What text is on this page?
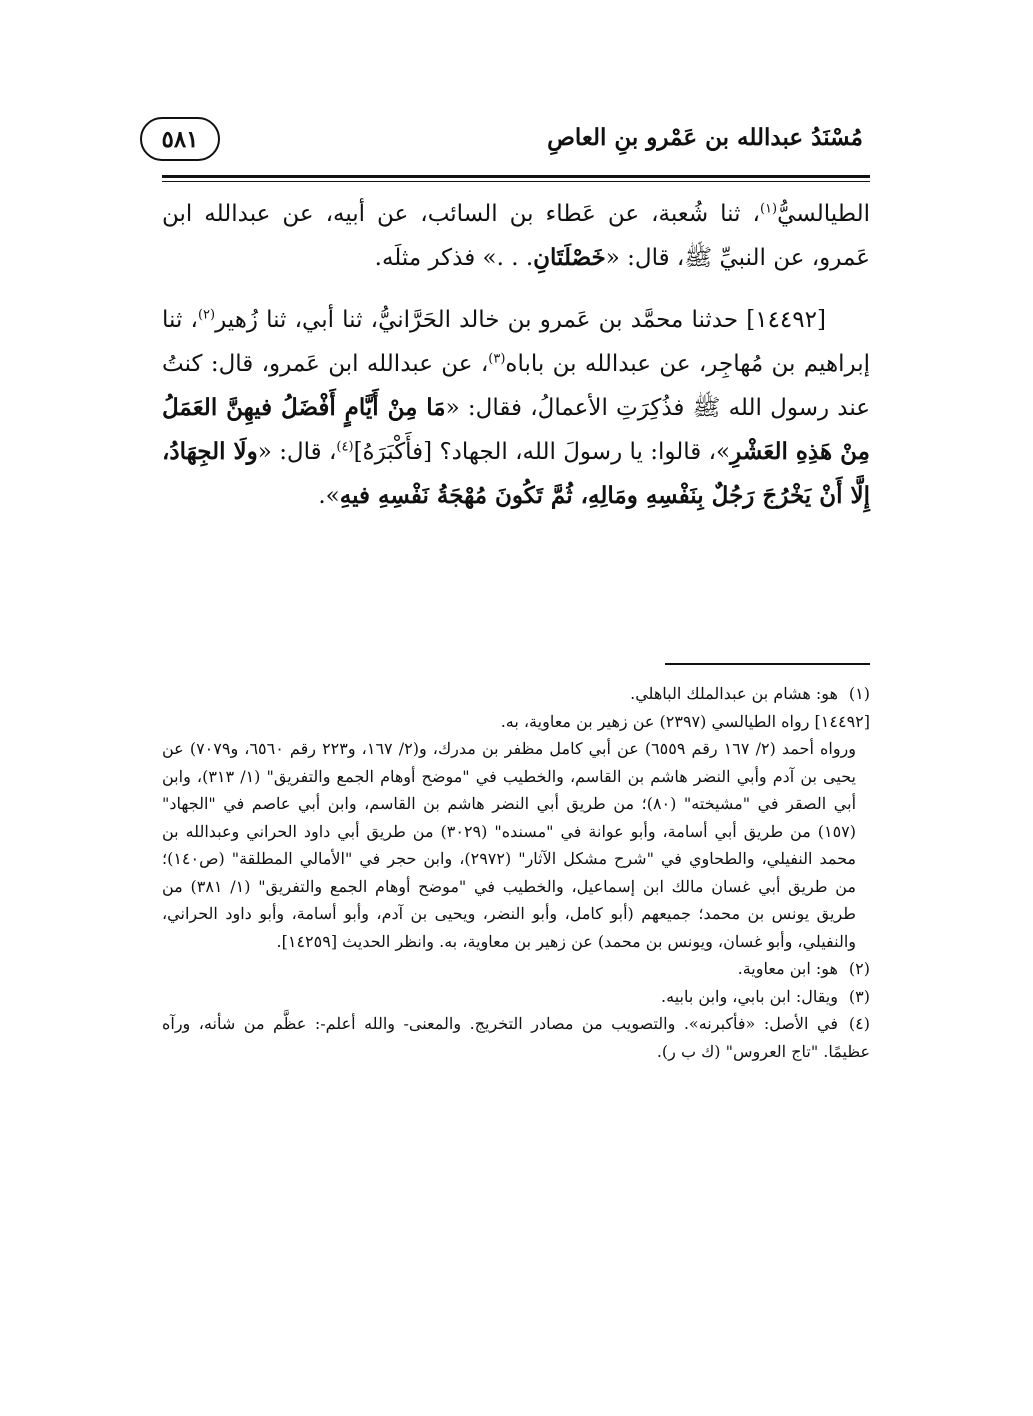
مُسْنَدُ عبدالله بن عَمْرو بنِ العاصِ
٥٨١

الطيالسيُّ$^{(١)}$، ثنا شُعبة، عن عَطاء بن السائب، عن أبيه، عن عبدالله ابن عَمرو، عن النبيِّ ﷺ، قال: «خَصْلَتَانِ. . .» فذكر مثلَه.

[١٤٤٩٢] حدثنا محمَّد بن عَمرو بن خالد الحَرَّانيُّ، ثنا أبي، ثنا زُهير$^{(٢)}$، ثنا إبراهيم بن مُهاجِر، عن عبدالله بن باباه$^{(٣)}$، عن عبدالله ابن عَمرو، قال: كنتُ عند رسول الله ﷺ فذُكِرَتِ الأعمالُ، فقال: «مَا مِنْ أَيَّامٍ أَفْضَلُ فيهِنَّ العَمَلُ مِنْ هَذِهِ العَشْرِ»، قالوا: يا رسولَ الله، الجهاد؟ [فأَكْبَرَهُ]$^{(٤)}$، قال: «ولَا الجِهَادُ، إِلَّا أَنْ يَخْرُجَ رَجُلٌ بِنَفْسِهِ ومَالِهِ، ثُمَّ تَكُونَ مُهْجَةُ نَفْسِهِ فيهِ».

(١)هو: هشام بن عبدالملك الباهلي.

[١٤٤٩٢] رواه الطيالسي (٢٣٩٧) عن زهير بن معاوية، به.

ورواه أحمد (٢/ ١٦٧ رقم ٦٥٥٩) عن أبي كامل مظفر بن مدرك، و(٢/ ١٦٧، و٢٢٣ رقم ٦٥٦٠، و٧٠٧٩) عن يحيى بن آدم وأبي النضر هاشم بن القاسم، والخطيب في "موضح أوهام الجمع والتفريق" (١/ ٣١٣)، وابن أبي الصقر في "مشيخته" (٨٠)؛ من طريق أبي النضر هاشم بن القاسم، وابن أبي عاصم في "الجهاد" (١٥٧) من طريق أبي أسامة، وأبو عوانة في "مسنده" (٣٠٢٩) من طريق أبي داود الحراني وعبدالله بن محمد النفيلي، والطحاوي في "شرح مشكل الآثار" (٢٩٧٢)، وابن حجر في "الأمالي المطلقة" (ص١٤٠)؛ من طريق أبي غسان مالك ابن إسماعيل، والخطيب في "موضح أوهام الجمع والتفريق" (١/ ٣٨١) من طريق يونس بن محمد؛ جميعهم (أبو كامل، وأبو النضر، ويحيى بن آدم، وأبو أسامة، وأبو داود الحراني، والنفيلي، وأبو غسان، ويونس بن محمد) عن زهير بن معاوية، به. وانظر الحديث [١٤٢٥٩].

(٢)هو: ابن معاوية.

(٣)ويقال: ابن بابي، وابن بابيه.

(٤)في الأصل: «فأكبرنه». والتصويب من مصادر التخريج. والمعنى- والله أعلم-: عظَّم من شأنه، ورآه عظيمًا. "تاج العروس" (ك ب ر).
